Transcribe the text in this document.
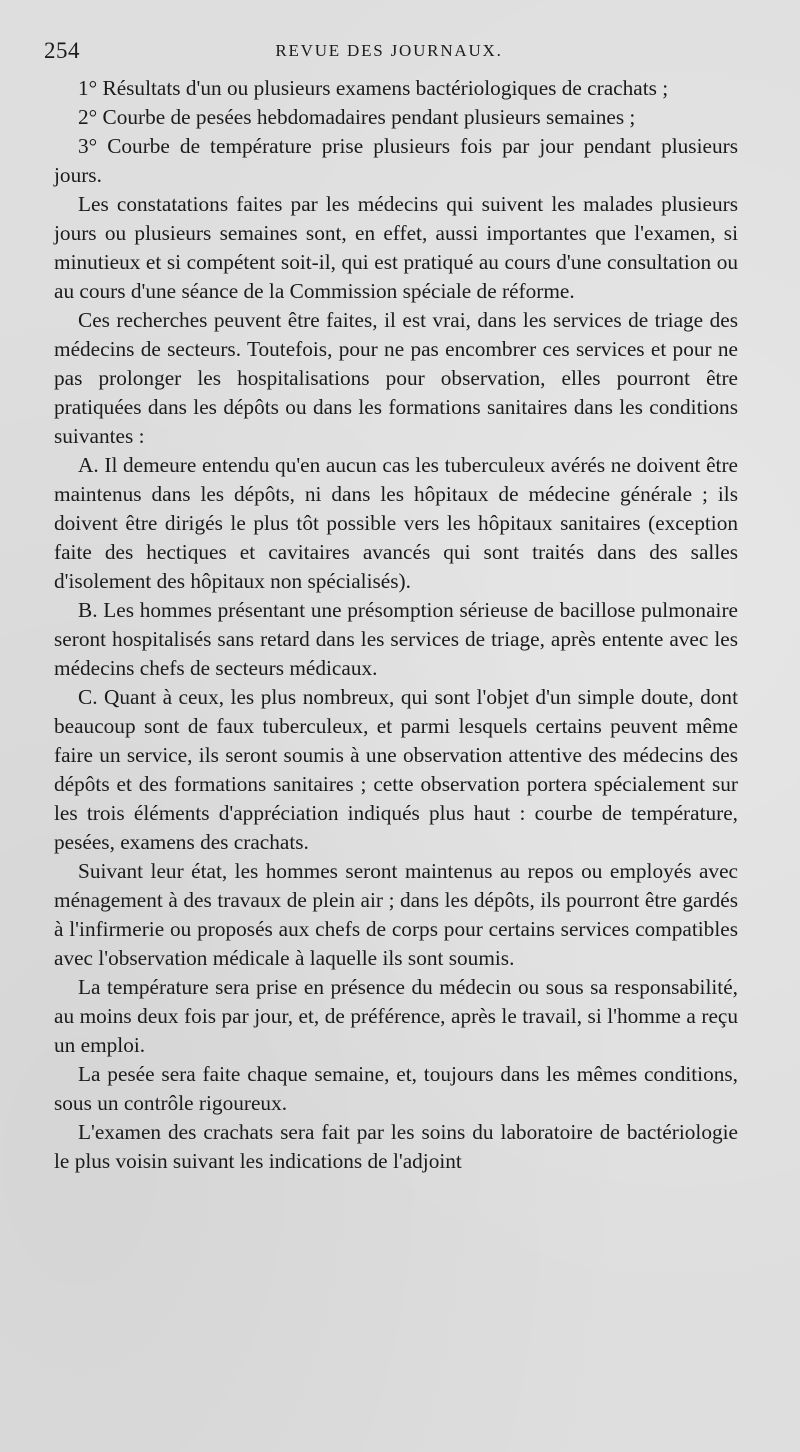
254	REVUE DES JOURNAUX.

1° Résultats d'un ou plusieurs examens bactériologiques de crachats ;

2° Courbe de pesées hebdomadaires pendant plusieurs semaines ;

3° Courbe de température prise plusieurs fois par jour pendant plusieurs jours.

Les constatations faites par les médecins qui suivent les malades plusieurs jours ou plusieurs semaines sont, en effet, aussi importantes que l'examen, si minutieux et si compétent soit-il, qui est pratiqué au cours d'une consultation ou au cours d'une séance de la Commission spéciale de réforme.

Ces recherches peuvent être faites, il est vrai, dans les services de triage des médecins de secteurs. Toutefois, pour ne pas encombrer ces services et pour ne pas prolonger les hospitalisations pour observation, elles pourront être pratiquées dans les dépôts ou dans les formations sanitaires dans les conditions suivantes :

A. Il demeure entendu qu'en aucun cas les tuberculeux avérés ne doivent être maintenus dans les dépôts, ni dans les hôpitaux de médecine générale ; ils doivent être dirigés le plus tôt possible vers les hôpitaux sanitaires (exception faite des hectiques et cavitaires avancés qui sont traités dans des salles d'isolement des hôpitaux non spécialisés).

B. Les hommes présentant une présomption sérieuse de bacillose pulmonaire seront hospitalisés sans retard dans les services de triage, après entente avec les médecins chefs de secteurs médicaux.

C. Quant à ceux, les plus nombreux, qui sont l'objet d'un simple doute, dont beaucoup sont de faux tuberculeux, et parmi lesquels certains peuvent même faire un service, ils seront soumis à une observation attentive des médecins des dépôts et des formations sanitaires ; cette observation portera spécialement sur les trois éléments d'appréciation indiqués plus haut : courbe de température, pesées, examens des crachats.

Suivant leur état, les hommes seront maintenus au repos ou employés avec ménagement à des travaux de plein air ; dans les dépôts, ils pourront être gardés à l'infirmerie ou proposés aux chefs de corps pour certains services compatibles avec l'observation médicale à laquelle ils sont soumis.

La température sera prise en présence du médecin ou sous sa responsabilité, au moins deux fois par jour, et, de préférence, après le travail, si l'homme a reçu un emploi.

La pesée sera faite chaque semaine, et, toujours dans les mêmes conditions, sous un contrôle rigoureux.

L'examen des crachats sera fait par les soins du laboratoire de bactériologie le plus voisin suivant les indications de l'adjoint
